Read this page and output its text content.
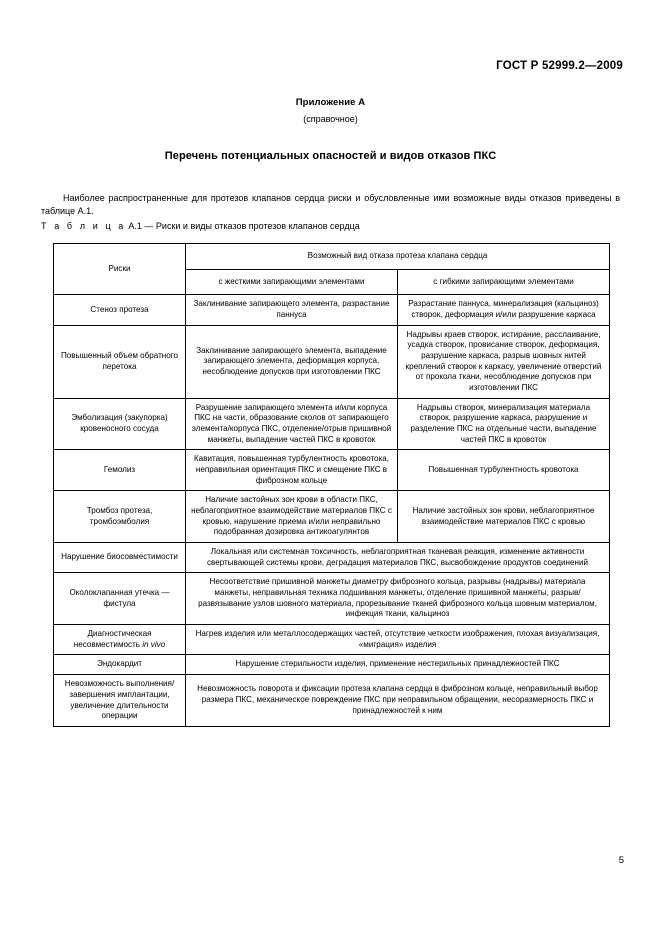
ГОСТ Р 52999.2—2009

Приложение А

(справочное)

Перечень потенциальных опасностей и видов отказов ПКС

Наиболее распространенные для протезов клапанов сердца риски и обусловленные ими возможные виды отказов приведены в таблице А.1.

Т а б л и ц а А.1 — Риски и виды отказов протезов клапанов сердца
Риски	Возможный вид отказа протеза клапана сердца	
	с жесткими запирающими элементами	с гибкими запирающими элементами
Стеноз протеза	Заклинивание запирающего элемента, разрастание паннуса	Разрастание паннуса, минерализация (кальциноз) створок, деформация и/или разрушение каркаса
Повышенный объем обратного перетока	Заклинивание запирающего элемента, выпадение запирающего элемента, деформация корпуса, несоблюдение допусков при изготовлении ПКС	Надрывы краев створок, истирание, расслаивание, усадка створок, провисание створок, деформация, разрушение каркаса, разрыв шовных нитей креплений створок к каркасу, увеличение отверстий от прокола ткани, несоблюдение допусков при изготовлении ПКС
Эмболизация (закупорка) кровеносного сосуда	Разрушение запирающего элемента и/или корпуса ПКС на части, образование сколов от запирающего элемента/корпуса ПКС, отделение/отрыв пришивной манжеты, выпадение частей ПКС в кровоток	Надрывы створок, минерализация материала створок, разрушение каркаса, разрушение и разделение ПКС на отдельные части, выпадение частей ПКС в кровоток
Гемолиз	Кавитация, повышенная турбулентность кровотока, неправильная ориентация ПКС и смещение ПКС в фиброзном кольце	Повышенная турбулентность кровотока
Тромбоз протеза, тромбоэмболия	Наличие застойных зон крови в области ПКС, неблагоприятное взаимодействие материалов ПКС с кровью, нарушение приема и/или неправильно подобранная дозировка антикоагулянтов	Наличие застойных зон крови, неблагоприятное взаимодействие материалов ПКС с кровью
Нарушение биосовместимости	Локальная или системная токсичность, неблагоприятная тканевая реакция, изменение активности свертывающей системы крови, деградация материалов ПКС, высвобождение продуктов соединений	
Околоклапанная утечка — фистула	Несоответствие пришивной манжеты диаметру фиброзного кольца, разрывы (надрывы) материала манжеты, неправильная техника подшивания манжеты, отделение пришивной манжеты, разрыв/развязывание узлов шовного материала, прорезывание тканей фиброзного кольца шовным материалом, инфекция ткани, кальциноз	
Диагностическая несовместимость in vivo	Нагрев изделия или металлосодержащих частей, отсутствие четкости изображения, плохая визуализация, «миграция» изделия	
Эндокардит	Нарушение стерильности изделия, применение нестерильных принадлежностей ПКС	
Невозможность выполнения/завершения имплантации, увеличение длительности операции	Невозможность поворота и фиксации протеза клапана сердца в фиброзном кольце, неправильный выбор размера ПКС, механическое повреждение ПКС при неправильном обращении, несоразмерность ПКС и принадлежностей к ним	
5
